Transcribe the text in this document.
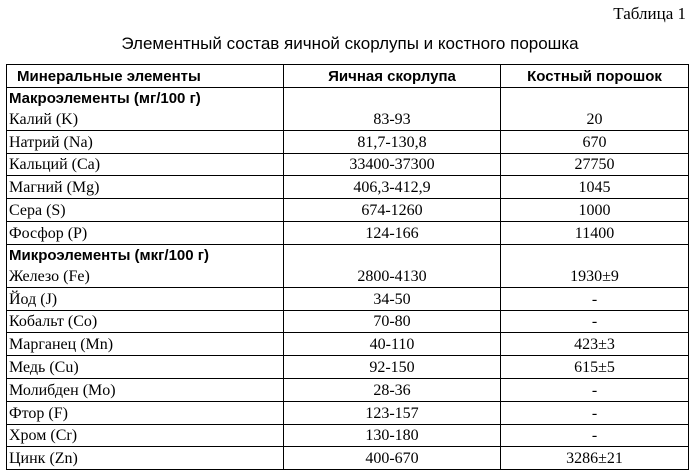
Таблица 1
Элементный состав яичной скорлупы и костного порошка
Минеральные элементы	Яичная скорлупа	Костный порошок

Макроэлементы (мг/100 г)
Калий (K)	83-93	20
Натрий (Na)	81,7-130,8	670
Кальций (Ca)	33400-37300	27750
Магний (Mg)	406,3-412,9	1045
Сера (S)	674-1260	1000
Фосфор (P)	124-166	11400

Микроэлементы (мкг/100 г)
Железо (Fe)	2800-4130	1930±9
Йод (J)	34-50	-
Кобальт (Co)	70-80	-
Марганец (Mn)	40-110	423±3
Медь (Cu)	92-150	615±5
Молибден (Mo)	28-36	-
Фтор (F)	123-157	-
Хром (Cr)	130-180	-
Цинк (Zn)	400-670	3286±21
